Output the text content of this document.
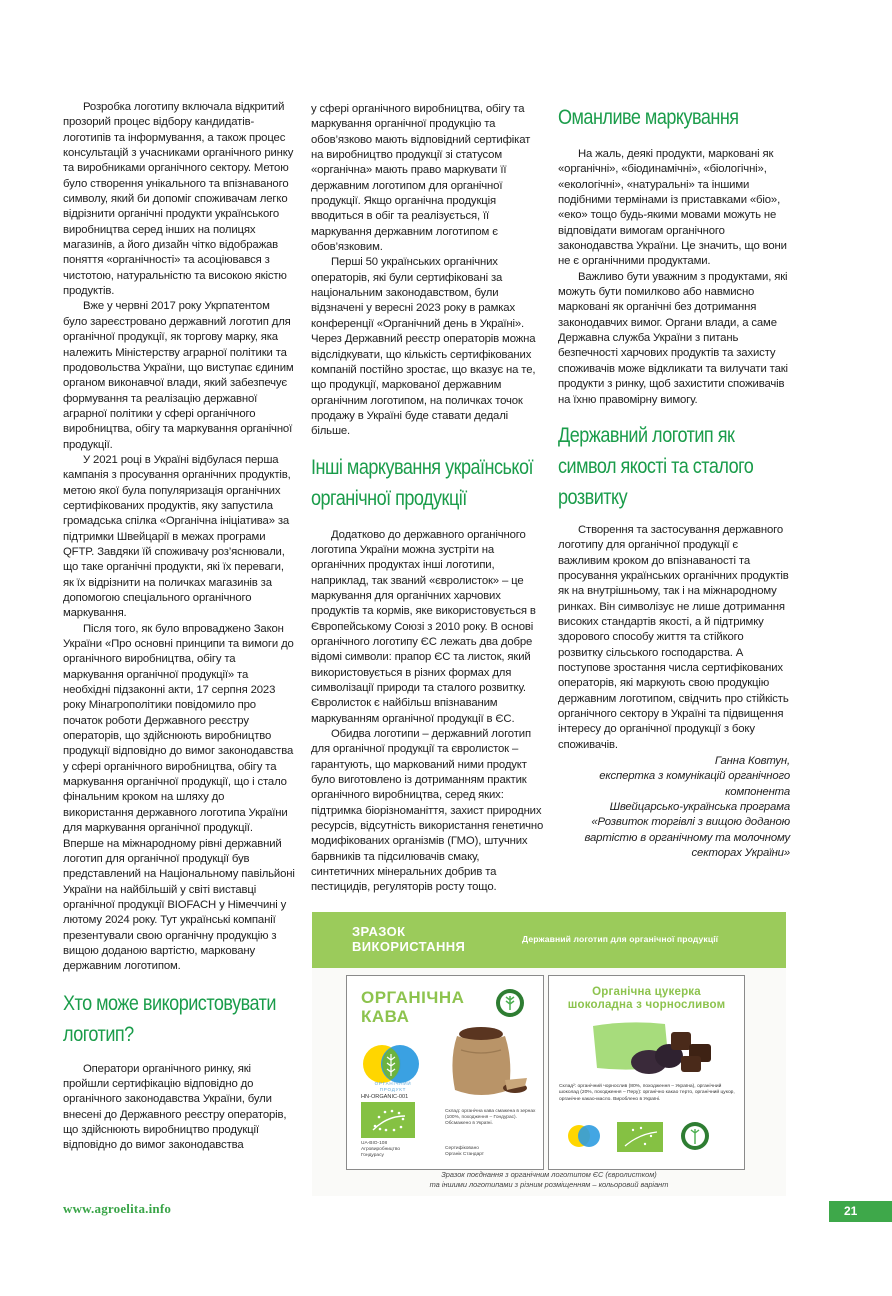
Розробка логотипу включала відкритий прозорий процес відбору кандидатів-логотипів та інформування, а також процес консультацій з учасниками органічного ринку та виробниками органічного сектору. Метою було створення унікального та впізнаваного символу, який би допоміг споживачам легко відрізнити органічні продукти українського виробництва серед інших на полицях магазинів, а його дизайн чітко відображав поняття «органічності» та асоціювався з чистотою, натуральністю та високою якістю продуктів.

Вже у червні 2017 року Укрпатентом було зареєстровано державний логотип для органічної продукції, як торгову марку, яка належить Міністерству аграрної політики та продовольства України, що виступає єдиним органом виконавчої влади, який забезпечує формування та реалізацію державної аграрної політики у сфері органічного виробництва, обігу та маркування органічної продукції.

У 2021 році в Україні відбулася перша кампанія з просування органічних продуктів, метою якої була популяризація органічних сертифікованих продуктів, яку запустила громадська спілка «Органічна ініціатива» за підтримки Швейцарії в межах програми QFTP. Завдяки їй споживачу роз’яснювали, що таке органічні продукти, які їх переваги, як їх відрізнити на поличках магазинів за допомогою спеціального органічного маркування.

Після того, як було впроваджено Закон України «Про основні принципи та вимоги до органічного виробництва, обігу та маркування органічної продукції» та необхідні підзаконні акти, 17 серпня 2023 року Мінагрополітики повідомило про початок роботи Державного реєстру операторів, що здійснюють виробництво продукції відповідно до вимог законодавства у сфері органічного виробництва, обігу та маркування органічної продукції, що і стало фінальним кроком на шляху до використання державного логотипа України для маркування органічної продукції. Вперше на міжнародному рівні державний логотип для органічної продукції був представлений на Національному павільйоні України на найбільшій у світі виставці органічної продукції BIOFACH у Німеччині у лютому 2024 року. Тут українські компанії презентували свою органічну продукцію з вищою доданою вартістю, марковану державним логотипом.

Хто може використовувати логотип?

Оператори органічного ринку, які пройшли сертифікацію відповідно до органічного законодавства України, були внесені до Державного реєстру операторів, що здійснюють виробництво продукції відповідно до вимог законодавства

у сфері органічного виробництва, обігу та маркування органічної продукцію та обов’язково мають відповідний сертифікат на виробництво продукції зі статусом «органічна» мають право маркувати її державним логотипом для органічної продукції. Якщо органічна продукція вводиться в обіг та реалізується, її маркування державним логотипом є обов’язковим.

Перші 50 українських органічних операторів, які були сертифіковані за національним законодавством, були відзначені у вересні 2023 року в рамках конференції «Органічний день в Україні». Через Державний реєстр операторів можна відслідкувати, що кількість сертифікованих компаній постійно зростає, що вказує на те, що продукції, маркованої державним органічним логотипом, на поличках точок продажу в Україні буде ставати дедалі більше.

Інші маркування української органічної продукції

Додатково до державного органічного логотипа України можна зустріти на органічних продуктах інші логотипи, наприклад, так званий «євролисток» – це маркування для органічних харчових продуктів та кормів, яке використовується в Європейському Союзі з 2010 року. В основі органічного логотипу ЄС лежать два добре відомі символи: прапор ЄС та листок, який використовується в різних формах для символізації природи та сталого розвитку. Євролисток є найбільш впізнаваним маркуванням органічної продукції в ЄС.

Обидва логотипи – державний логотип для органічної продукції та євролисток – гарантують, що маркований ними продукт було виготовлено із дотриманням практик органічного виробництва, серед яких: підтримка біорізноманіття, захист природних ресурсів, відсутність використання генетично модифікованих організмів (ГМО), штучних барвників та підсилювачів смаку, синтетичних мінеральних добрив та пестицидів, регуляторів росту тощо.

Оманливе маркування

На жаль, деякі продукти, марковані як «органічні», «біодинамічні», «біологічні», «екологічні», «натуральні» та іншими подібними термінами із приставками «біо», «еко» тощо будь-якими мовами можуть не відповідати вимогам органічного законодавства України. Це значить, що вони не є органічними продуктами.

Важливо бути уважним з продуктами, які можуть бути помилково або навмисно марковані як органічні без дотримання законодавчих вимог. Органи влади, а саме Державна служба України з питань безпечності харчових продуктів та захисту споживачів може відкликати та вилучати такі продукти з ринку, щоб захистити споживачів на їхню правомірну вимогу.

Державний логотип як символ якості та сталого розвитку

Створення та застосування державного логотипу для органічної продукції є важливим кроком до впізнаваності та просування українських органічних продуктів як на внутрішньому, так і на міжнародному ринках. Він символізує не лише дотримання високих стандартів якості, а й підтримку здорового способу життя та стійкого розвитку сільського господарства. А поступове зростання числа сертифікованих операторів, які маркують свою продукцію державним логотипом, свідчить про стійкість органічного сектору в Україні та підвищення інтересу до органічної продукції з боку споживачів.

Ганна Ковтун,
експертка з комунікацій органічного
компонента
Швейцарсько-українська програма
«Розвиток торгівлі з вищою доданою
вартістю в органічному та молочному
секторах України»
ЗРАЗОК
ВИКОРИСТАННЯ	Державний логотип для органічної продукції
ОРГАНІЧНА
КАВА
ОРГАНІЧНИЙ
ПРОДУКТ
HN-ORGANIC-001
UA-BIO-108
Агровиробництво
Гондурасу
Склад: органічна кава смажена в зернах (100%, походження – Гондурас). Обсмажено в Україні.
Сертифіковано
Органік Стандарт
Органічна цукерка
шоколадна з чорносливом
Склад²: органічний чорнослив (80%, походження – Україна), органічний шоколад (20%, походження – Перу): органічно какао терто, органічний цукор, органічне какао-масло. Вироблено в Україні.
Зразок поєднання з органічним логотипом ЄС (євролистком)
та іншими логотипами з різним розміщенням – кольоровий варіант
www.agroelita.info	21
